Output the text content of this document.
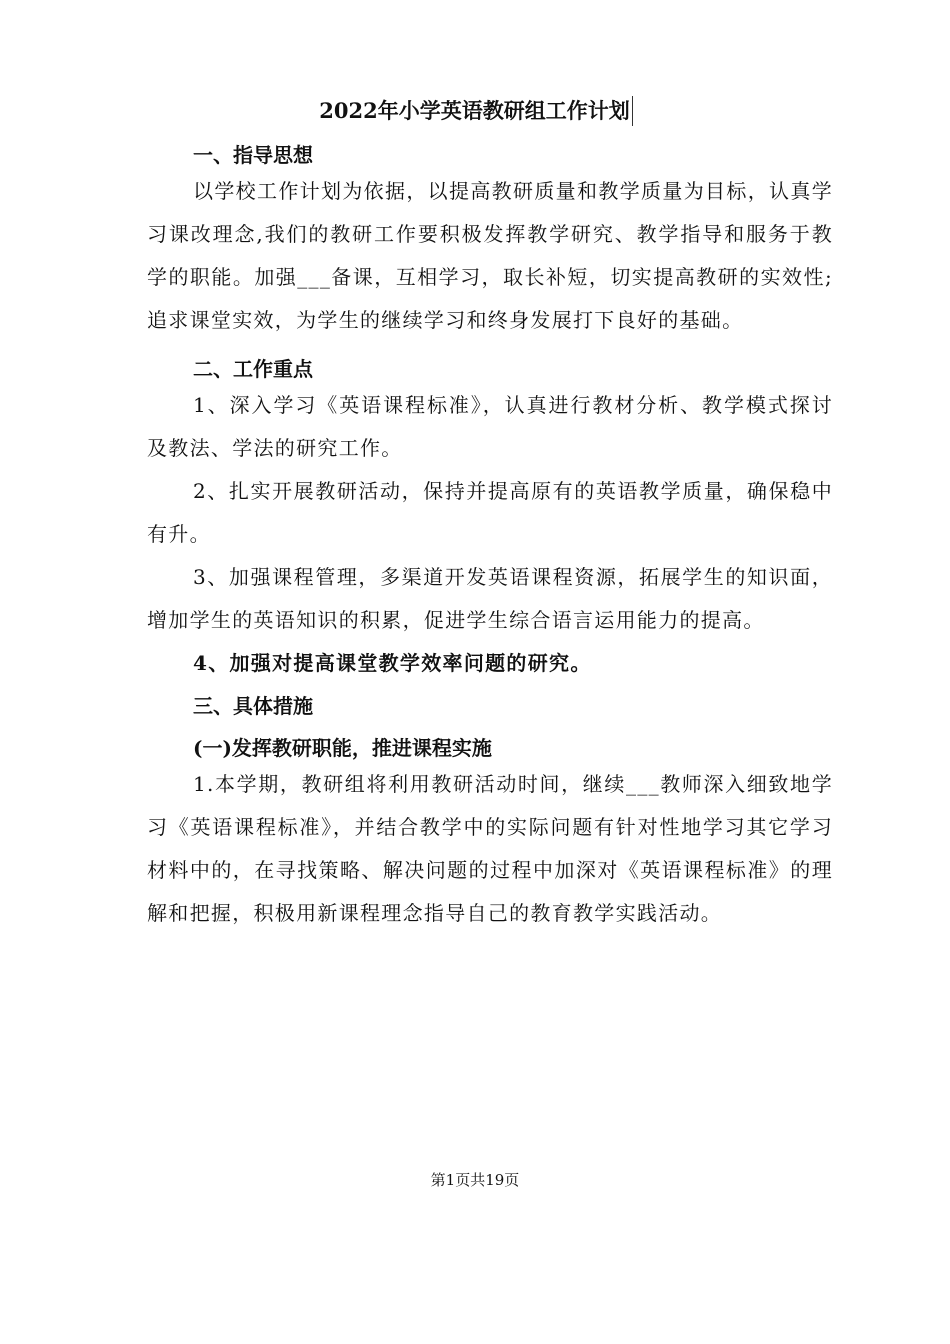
2022年小学英语教研组工作计划

一、指导思想

以学校工作计划为依据，以提高教研质量和教学质量为目标，认真学习课改理念,我们的教研工作要积极发挥教学研究、教学指导和服务于教学的职能。加强___备课，互相学习，取长补短，切实提高教研的实效性;追求课堂实效，为学生的继续学习和终身发展打下良好的基础。

二、工作重点

1、深入学习《英语课程标准》，认真进行教材分析、教学模式探讨及教法、学法的研究工作。

2、扎实开展教研活动，保持并提高原有的英语教学质量，确保稳中有升。

3、加强课程管理，多渠道开发英语课程资源，拓展学生的知识面，增加学生的英语知识的积累，促进学生综合语言运用能力的提高。

4、加强对提高课堂教学效率问题的研究。

三、具体措施

(一)发挥教研职能，推进课程实施

1.本学期，教研组将利用教研活动时间，继续___教师深入细致地学习《英语课程标准》，并结合教学中的实际问题有针对性地学习其它学习材料中的，在寻找策略、解决问题的过程中加深对《英语课程标准》的理解和把握，积极用新课程理念指导自己的教育教学实践活动。

第1页共19页
